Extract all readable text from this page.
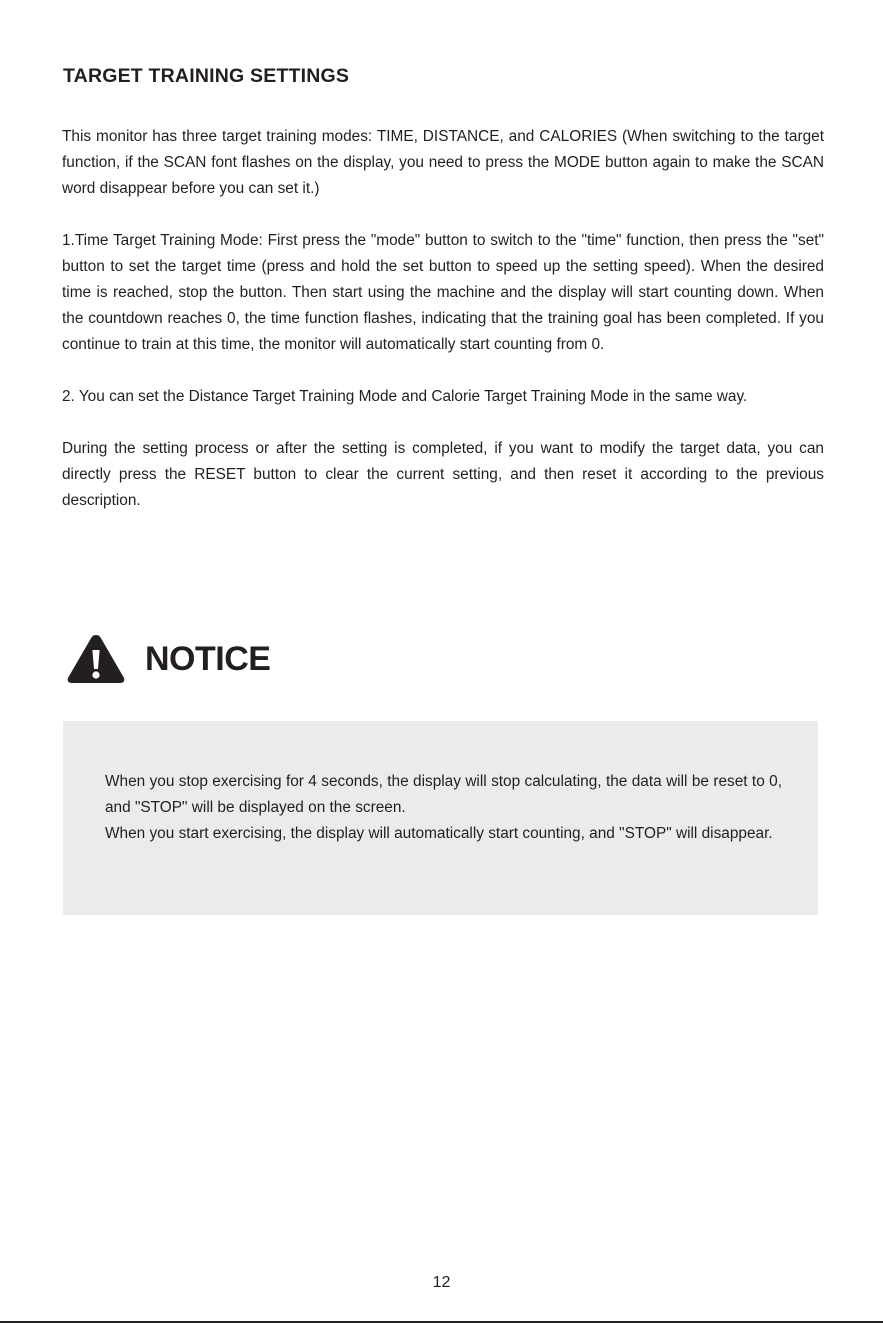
TARGET TRAINING SETTINGS

This monitor has three target training modes: TIME, DISTANCE, and CALORIES (When switching to the target function, if the SCAN font flashes on the display, you need to press the MODE button again to make the SCAN word disappear before you can set it.)

1.Time Target Training Mode: First press the "mode" button to switch to the "time" function, then press the "set" button to set the target time (press and hold the set button to speed up the setting speed). When the desired time is reached, stop the button. Then start using the machine and the display will start counting down. When the countdown reaches 0, the time function flashes, indicating that the training goal has been completed. If you continue to train at this time, the monitor will automatically start counting from 0.

2. You can set the Distance Target Training Mode and Calorie Target Training Mode in the same way.

During the setting process or after the setting is completed, if you want to modify the target data, you can directly press the RESET button to clear the current setting, and then reset it according to the previous description.

NOTICE

When you stop exercising for 4 seconds, the display will stop calculating, the data will be reset to 0, and "STOP" will be displayed on the screen.

When you start exercising, the display will automatically start counting, and "STOP" will disappear.

12
